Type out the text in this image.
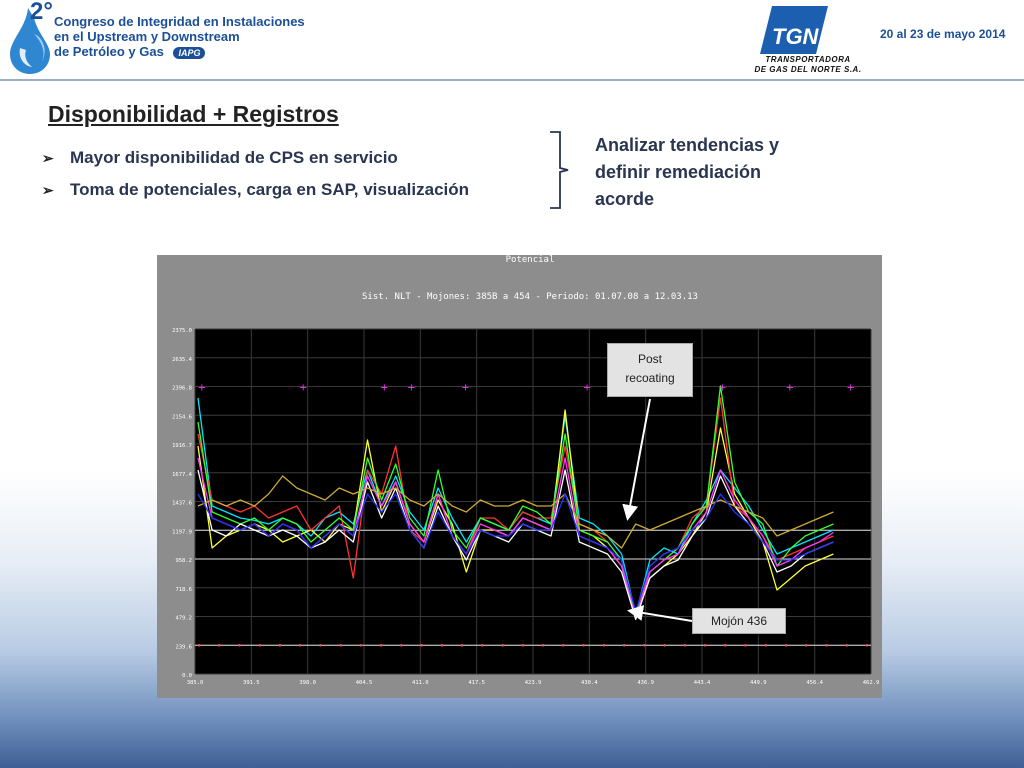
2° Congreso de Integridad en Instalaciones
en el Upstream y Downstream
de Petróleo y Gas IAPG
TGN
TRANSPORTADORA
DE GAS DEL NORTE S.A.
20 al 23 de mayo 2014
Disponibilidad + Registros
➢ Mayor disponibilidad de CPS en servicio
➢ Toma de potenciales, carga en SAP, visualización
Analizar tendencias y
definir remediación
acorde
Potencial
Sist. NLT - Mojones: 385B a 454 - Periodo: 01.07.08 a 12.03.13
2375.0
2635.4
2396.8
2154.6
1916.7
1677.4
1437.6
1197.9
958.2
718.6
479.2
239.6
0.0
385.0	391.5	398.0	404.5	411.0	417.5	423.9	430.4	436.9	443.4	449.9	456.4	462.9
+	+	+ +	+	+	+	+	+
Post
recoating
Mojón 436
